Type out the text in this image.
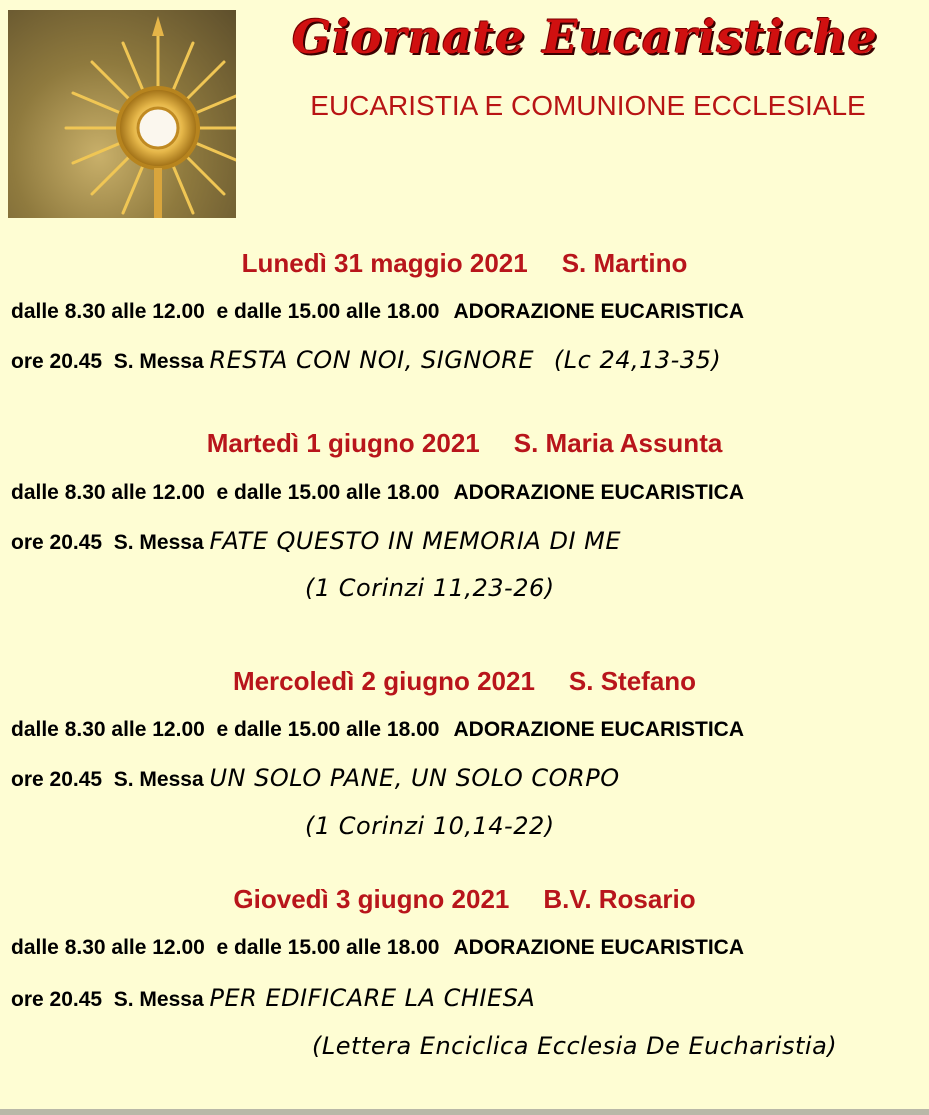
Giornate Eucaristiche
EUCARISTIA E COMUNIONE ECCLESIALE
Lunedì 31 maggio 2021 S. Martino
dalle 8.30 alle 12.00  e dalle 15.00 alle 18.00 ADORAZIONE EUCARISTICA
ore 20.45  S. Messa RESTA CON NOI, SIGNORE (Lc 24,13-35)
Martedì 1 giugno 2021 S. Maria Assunta
dalle 8.30 alle 12.00  e dalle 15.00 alle 18.00 ADORAZIONE EUCARISTICA
ore 20.45  S. Messa FATE QUESTO IN MEMORIA DI ME
(1 Corinzi 11,23-26)
Mercoledì 2 giugno 2021 S. Stefano
dalle 8.30 alle 12.00  e dalle 15.00 alle 18.00 ADORAZIONE EUCARISTICA
ore 20.45  S. Messa UN SOLO PANE, UN SOLO CORPO
(1 Corinzi 10,14-22)
Giovedì 3 giugno 2021 B.V. Rosario
dalle 8.30 alle 12.00  e dalle 15.00 alle 18.00 ADORAZIONE EUCARISTICA
ore 20.45  S. Messa PER EDIFICARE LA CHIESA
(Lettera Enciclica Ecclesia De Eucharistia)
